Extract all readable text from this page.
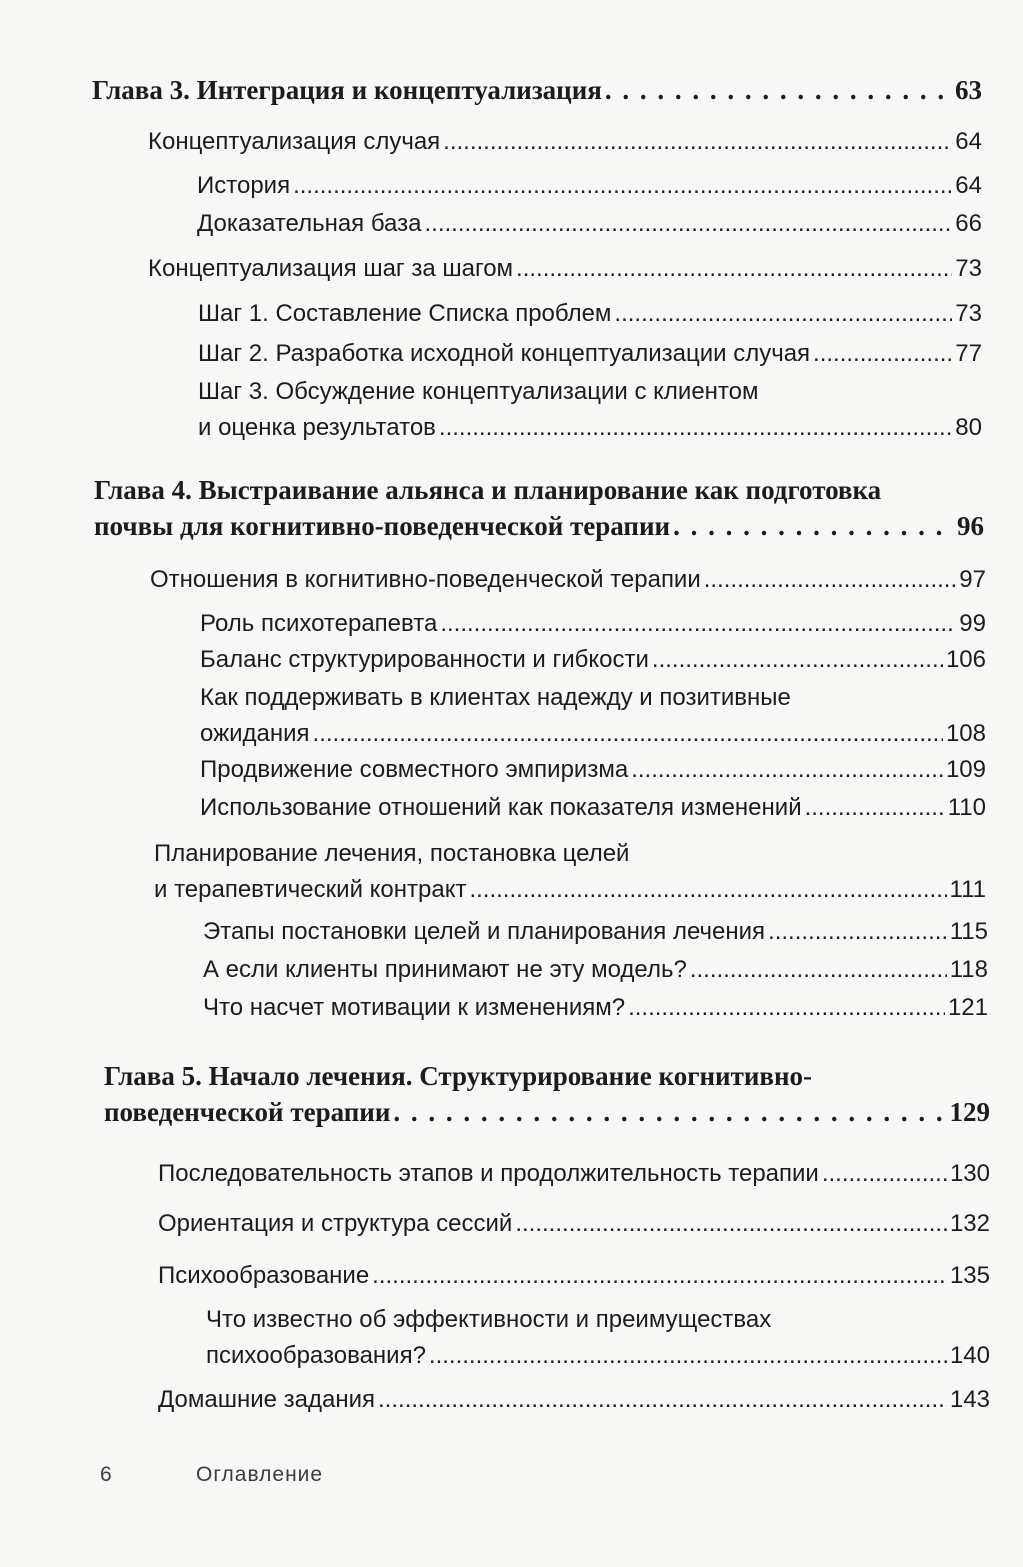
Глава 3. Интеграция и концептуализация . . .	63
Концептуализация случая .....	64
История .....	64
Доказательная база .....	66
Концептуализация шаг за шагом .....	73
Шаг 1. Составление Списка проблем .....	73
Шаг 2. Разработка исходной концептуализации случая .....	77
Шаг 3. Обсуждение концептуализации с клиентом
и оценка результатов .....	80
Глава 4. Выстраивание альянса и планирование как подготовка
почвы для когнитивно-поведенческой терапии . . .	96
Отношения в когнитивно-поведенческой терапии .....	97
Роль психотерапевта .....	99
Баланс структурированности и гибкости .....	106
Как поддерживать в клиентах надежду и позитивные
ожидания .....	108
Продвижение совместного эмпиризма .....	109
Использование отношений как показателя изменений .....	110
Планирование лечения, постановка целей
и терапевтический контракт .....	111
Этапы постановки целей и планирования лечения .....	115
А если клиенты принимают не эту модель? .....	118
Что насчет мотивации к изменениям? .....	121
Глава 5. Начало лечения. Структурирование когнитивно-
поведенческой терапии . . .	129
Последовательность этапов и продолжительность терапии .....	130
Ориентация и структура сессий .....	132
Психообразование .....	135
Что известно об эффективности и преимуществах
психообразования? .....	140
Домашние задания .....	143
6	Оглавление
